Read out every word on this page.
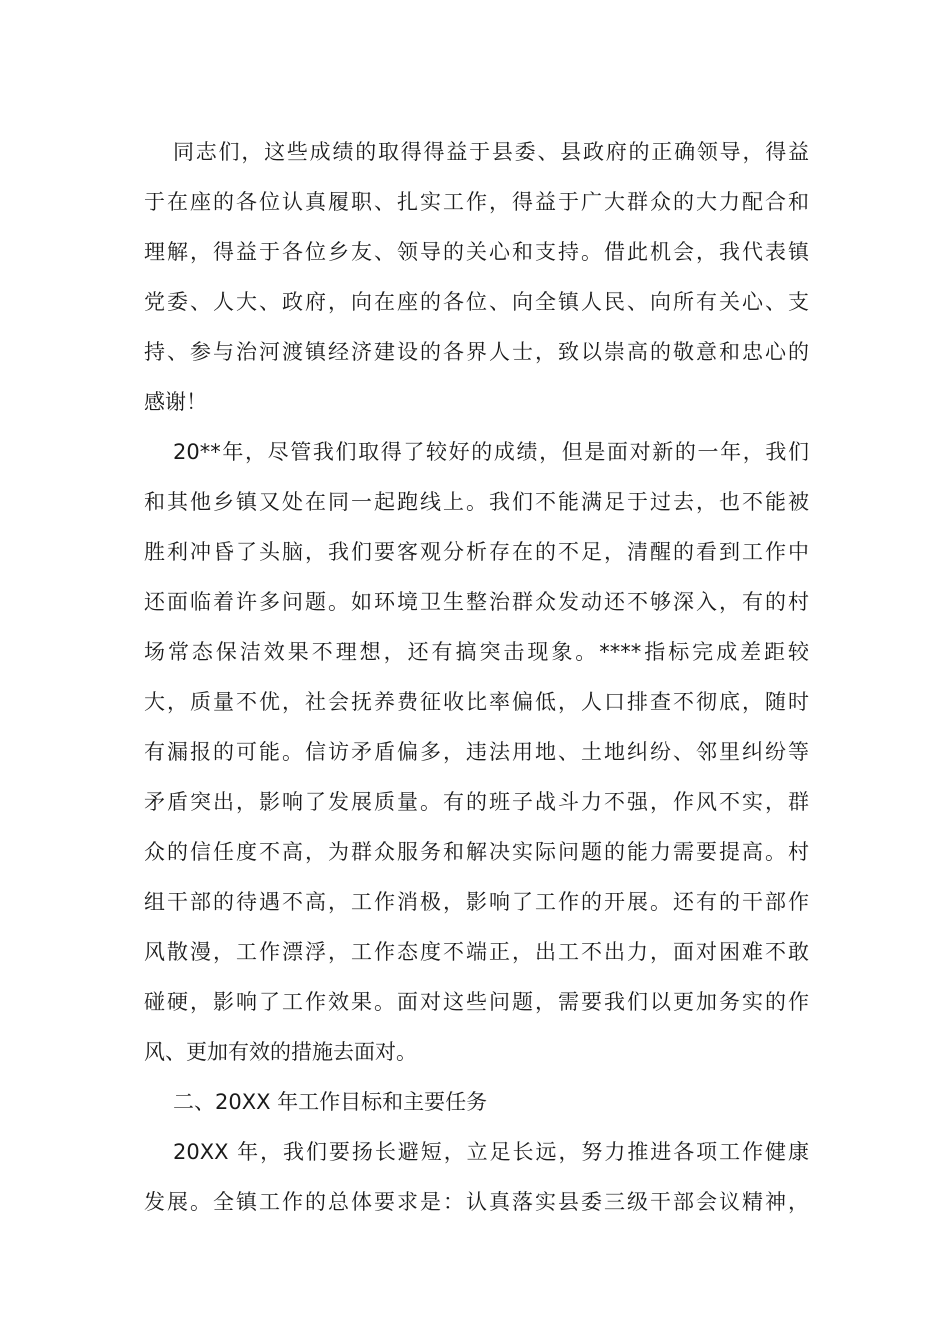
同志们，这些成绩的取得得益于县委、县政府的正确领导，得益
于在座的各位认真履职、扎实工作，得益于广大群众的大力配合和
理解，得益于各位乡友、领导的关心和支持。借此机会，我代表镇
党委、人大、政府，向在座的各位、向全镇人民、向所有关心、支
持、参与治河渡镇经济建设的各界人士，致以崇高的敬意和忠心的
感谢！
20**年，尽管我们取得了较好的成绩，但是面对新的一年，我们
和其他乡镇又处在同一起跑线上。我们不能满足于过去，也不能被
胜利冲昏了头脑，我们要客观分析存在的不足，清醒的看到工作中
还面临着许多问题。如环境卫生整治群众发动还不够深入，有的村
场常态保洁效果不理想，还有搞突击现象。****指标完成差距较
大，质量不优，社会抚养费征收比率偏低，人口排查不彻底，随时
有漏报的可能。信访矛盾偏多，违法用地、土地纠纷、邻里纠纷等
矛盾突出，影响了发展质量。有的班子战斗力不强，作风不实，群
众的信任度不高，为群众服务和解决实际问题的能力需要提高。村
组干部的待遇不高，工作消极，影响了工作的开展。还有的干部作
风散漫，工作漂浮，工作态度不端正，出工不出力，面对困难不敢
碰硬，影响了工作效果。面对这些问题，需要我们以更加务实的作
风、更加有效的措施去面对。
二、20XX 年工作目标和主要任务
20XX 年，我们要扬长避短，立足长远，努力推进各项工作健康
发展。全镇工作的总体要求是：认真落实县委三级干部会议精神，
